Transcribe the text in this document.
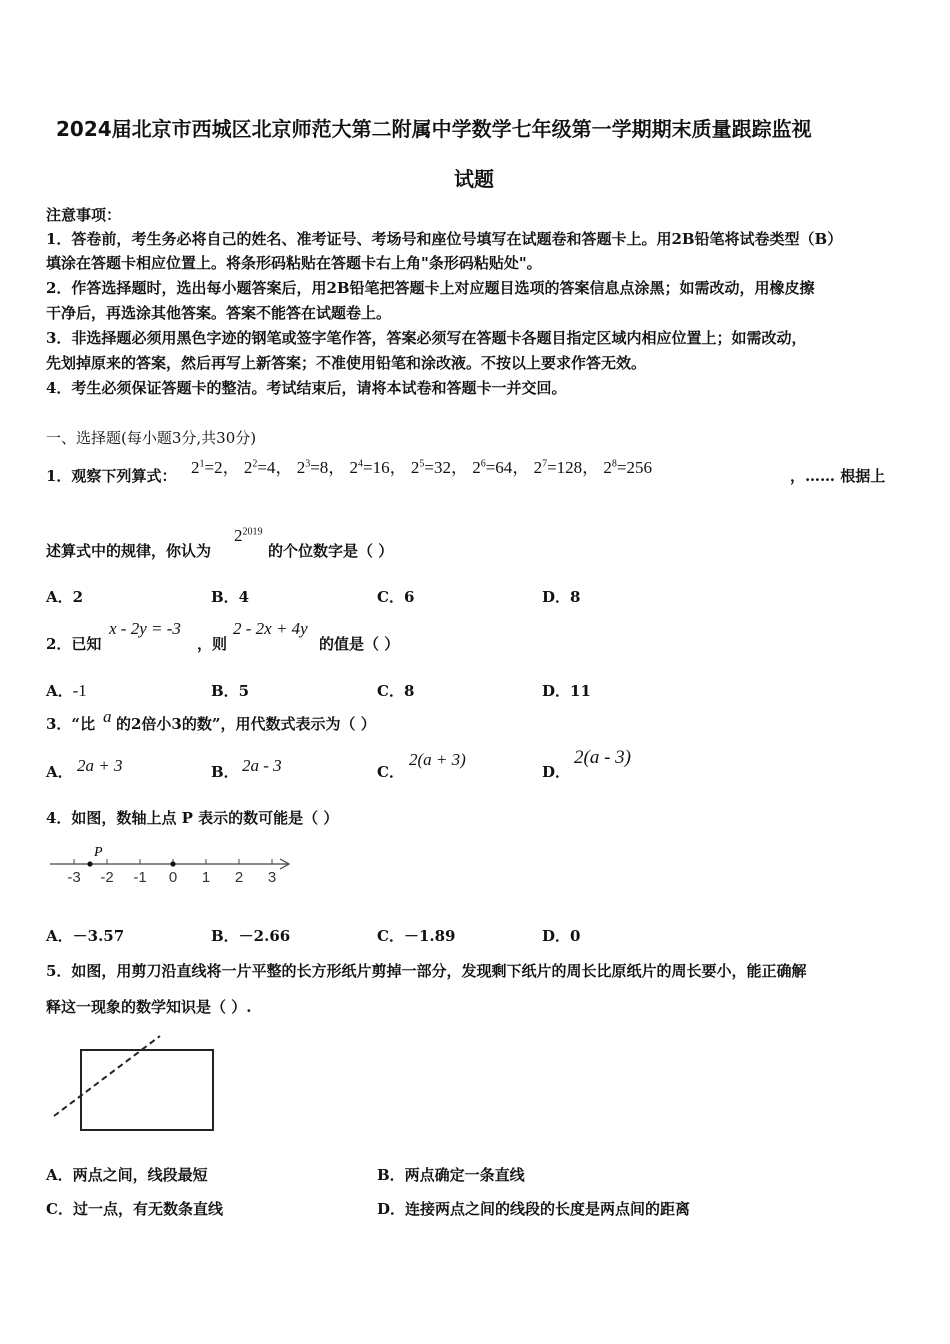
2024届北京市西城区北京师范大第二附属中学数学七年级第一学期期末质量跟踪监视
试题
注意事项：
1．答卷前，考生务必将自己的姓名、准考证号、考场号和座位号填写在试题卷和答题卡上。用2B铅笔将试卷类型（B）
填涂在答题卡相应位置上。将条形码粘贴在答题卡右上角"条形码粘贴处"。
2．作答选择题时，选出每小题答案后，用2B铅笔把答题卡上对应题目选项的答案信息点涂黑；如需改动，用橡皮擦
干净后，再选涂其他答案。答案不能答在试题卷上。
3．非选择题必须用黑色字迹的钢笔或签字笔作答，答案必须写在答题卡各题目指定区域内相应位置上；如需改动，
先划掉原来的答案，然后再写上新答案；不准使用铅笔和涂改液。不按以上要求作答无效。
4．考生必须保证答题卡的整洁。考试结束后，请将本试卷和答题卡一并交回。
一、选择题(每小题3分,共30分)
1．观察下列算式： $2^1=2$， $2^2=4$， $2^3=8$， $2^4=16$， $2^5=32$， $2^6=64$， $2^7=128$， $2^8=256$	，…… 根据上
述算式中的规律，你认为
$2^{2019}$
的个位数字是（ ）
A．2	B．4	C．6	D．8
2．已知
x - 2y = -3
，则
2 - 2x + 4y
的值是（ ）
A．-1	B．5	C．8	D．11
3．“比 a 的2倍小3的数”，用代数式表示为（ ）
A． 2a + 3	B． 2a - 3	C．
2(a + 3)
D．
2(a - 3)
4．如图，数轴上点 P 表示的数可能是（ ）
P
-3 -2 -1 0 1 2 3
A．－3.57	B．－2.66	C．－1.89	D．0
5．如图，用剪刀沿直线将一片平整的长方形纸片剪掉一部分，发现剩下纸片的周长比原纸片的周长要小，能正确解
释这一现象的数学知识是（ ）.
A．两点之间，线段最短	B．两点确定一条直线
C．过一点，有无数条直线	D．连接两点之间的线段的长度是两点间的距离
